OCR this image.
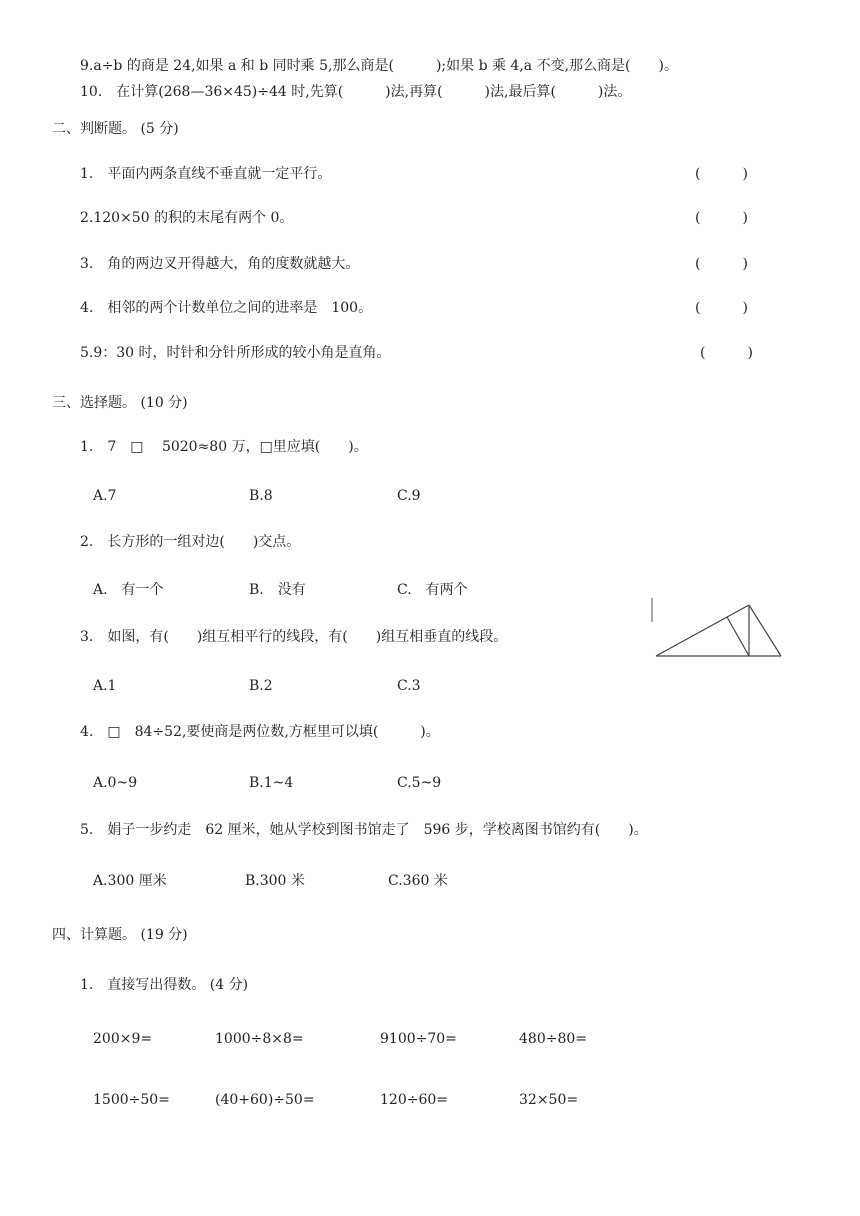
9.a÷b 的商是 24,如果 a 和 b 同时乘 5,那么商是(　　　);如果 b 乘 4,a 不变,那么商是(　　)。
10.　在计算(268—36×45)÷44 时,先算(　　　)法,再算(　　　)法,最后算(　　　)法。
二、判断题。 (5 分)
1.　平面内两条直线不垂直就一定平行。	(　　　)
2.120×50 的积的末尾有两个 0。	(　　　)
3.　角的两边叉开得越大，角的度数就越大。	(　　　)
4.　相邻的两个计数单位之间的进率是　100。	(　　　)
5.9：30 时，时针和分针所形成的较小角是直角。	(　　　)
三、选择题。 (10 分)
1.　7　□　 5020≈80 万，□里应填(　　)。
A.7	B.8	C.9
2.　长方形的一组对边(　　)交点。
A.　有一个	B.　没有	C.　有两个
3.　如图，有(　　)组互相平行的线段，有(　　)组互相垂直的线段。
A.1	B.2	C.3
4.　□　84÷52,要使商是两位数,方框里可以填(　　　)。
A.0~9	B.1~4	C.5~9
5.　娟子一步约走　62 厘米，她从学校到图书馆走了　596 步，学校离图书馆约有(　　)。
A.300 厘米	B.300 米	C.360 米
四、计算题。 (19 分)
1.　直接写出得数。 (4 分)
200×9=	1000÷8×8=	9100÷70=	480÷80=
1500÷50=	(40+60)÷50=	120÷60=	32×50=
